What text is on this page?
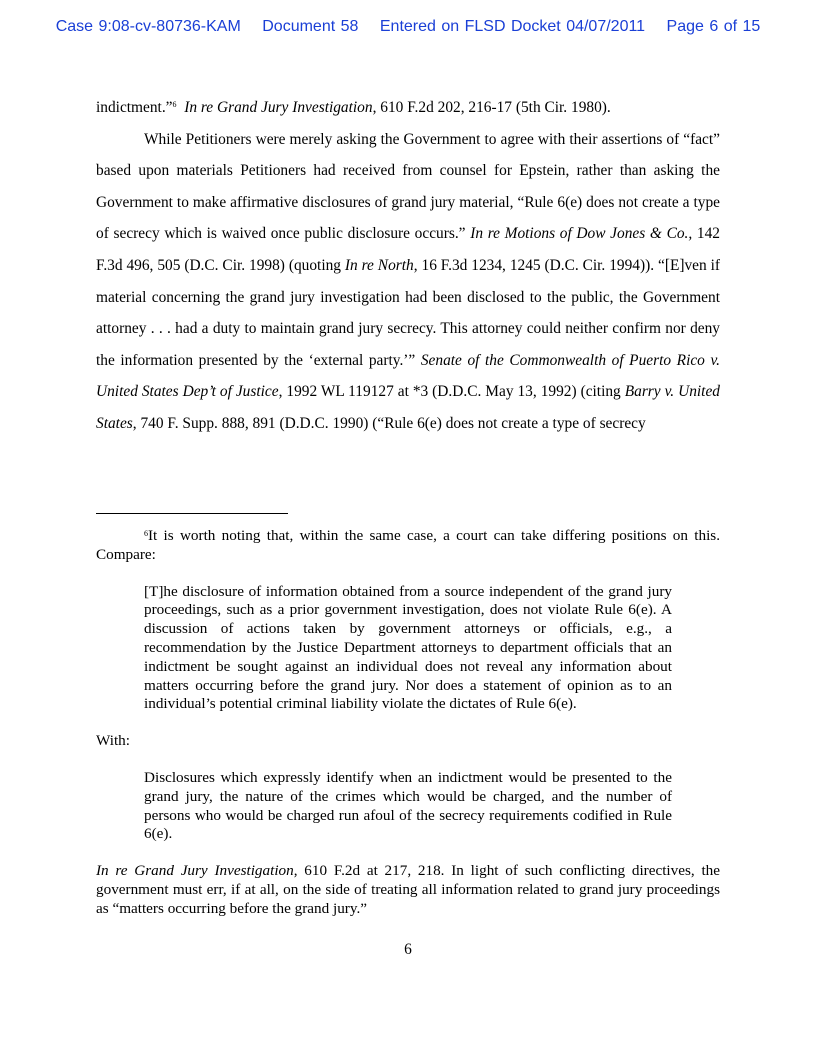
Case 9:08-cv-80736-KAM Document 58 Entered on FLSD Docket 04/07/2011 Page 6 of 15

indictment.”$^6$ In re Grand Jury Investigation, 610 F.2d 202, 216-17 (5th Cir. 1980).

While Petitioners were merely asking the Government to agree with their assertions of “fact” based upon materials Petitioners had received from counsel for Epstein, rather than asking the Government to make affirmative disclosures of grand jury material, “Rule 6(e) does not create a type of secrecy which is waived once public disclosure occurs.” In re Motions of Dow Jones & Co., 142 F.3d 496, 505 (D.C. Cir. 1998) (quoting In re North, 16 F.3d 1234, 1245 (D.C. Cir. 1994)). “[E]ven if material concerning the grand jury investigation had been disclosed to the public, the Government attorney . . . had a duty to maintain grand jury secrecy. This attorney could neither confirm nor deny the information presented by the ‘external party.’” Senate of the Commonwealth of Puerto Rico v. United States Dep’t of Justice, 1992 WL 119127 at *3 (D.D.C. May 13, 1992) (citing Barry v. United States, 740 F. Supp. 888, 891 (D.D.C. 1990) (“Rule 6(e) does not create a type of secrecy

$^6$It is worth noting that, within the same case, a court can take differing positions on this. Compare:

[T]he disclosure of information obtained from a source independent of the grand jury proceedings, such as a prior government investigation, does not violate Rule 6(e). A discussion of actions taken by government attorneys or officials, e.g., a recommendation by the Justice Department attorneys to department officials that an indictment be sought against an individual does not reveal any information about matters occurring before the grand jury. Nor does a statement of opinion as to an individual’s potential criminal liability violate the dictates of Rule 6(e).

With:

Disclosures which expressly identify when an indictment would be presented to the grand jury, the nature of the crimes which would be charged, and the number of persons who would be charged run afoul of the secrecy requirements codified in Rule 6(e).

In re Grand Jury Investigation, 610 F.2d at 217, 218. In light of such conflicting directives, the government must err, if at all, on the side of treating all information related to grand jury proceedings as “matters occurring before the grand jury.”

6
